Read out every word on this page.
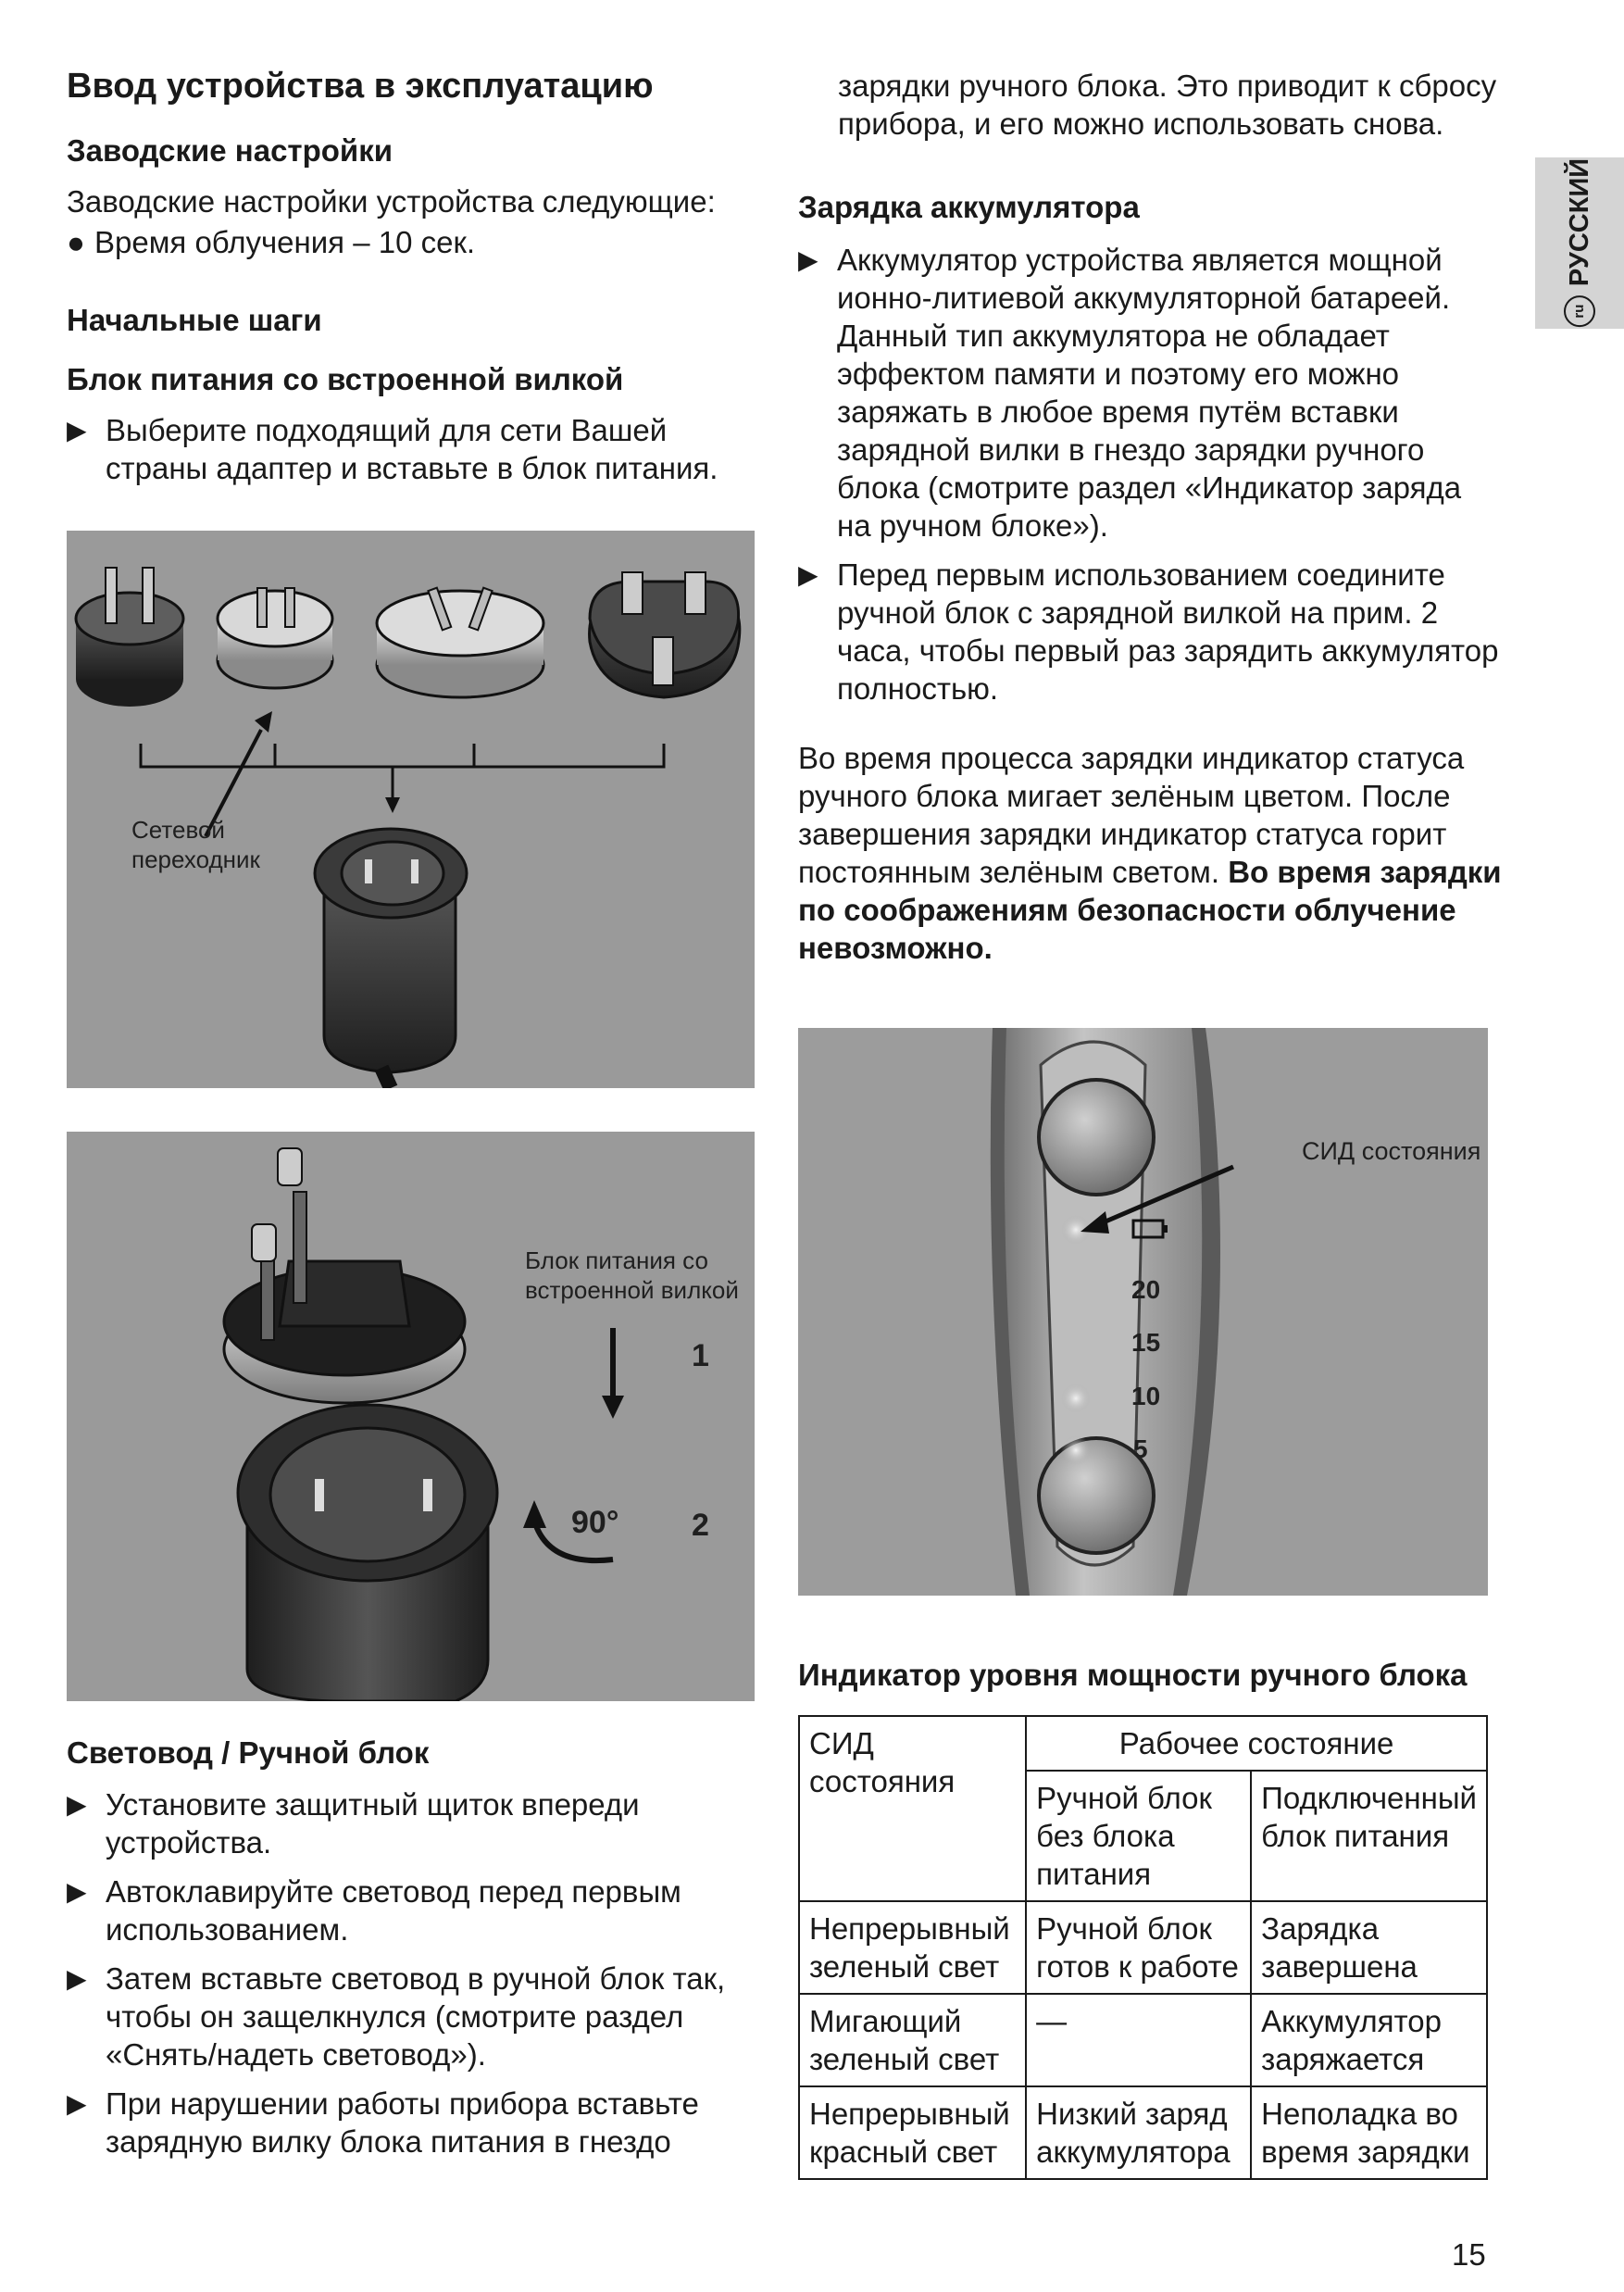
ru
РУССКИЙ
Ввод устройства в эксплуатацию
Заводские настройки

Заводские настройки устройства следующие:

● Время облучения – 10 сек.
Начальные шаги
Блок питания со встроенной вилкой
▶ Выберите подходящий для сети Вашей страны адаптер и вставьте в блок питания.
Сетевой
переходник
Блок питания со
встроенной вилкой
1
90° 2
Световод / Ручной блок
▶ Установите защитный щиток впереди устройства.
▶ Автоклавируйте световод перед первым использованием.
▶ Затем вставьте световод в ручной блок так, чтобы он защелкнулся (смотрите раздел «Снять/надеть световод»).
▶ При нарушении работы прибора вставьте зарядную вилку блока питания в гнездо

зарядки ручного блока. Это приводит к сбросу прибора, и его можно использовать снова.

Зарядка аккумулятора
▶ Аккумулятор устройства является мощной ионно-литиевой аккумуляторной батареей. Данный тип аккумулятора не обладает эффектом памяти и поэтому его можно заряжать в любое время путём вставки зарядной вилки в гнездо зарядки ручного блока (смотрите раздел «Индикатор заряда на ручном блоке»).
▶ Перед первым использованием соедините ручной блок с зарядной вилкой на прим. 2 часа, чтобы первый раз зарядить аккумулятор полностью.

Во время процесса зарядки индикатор статуса ручного блока мигает зелёным цветом. После завершения зарядки индикатор статуса горит постоянным зелёным светом. Во время зарядки по соображениям безопасности облучение невозможно.

СИД состояния
20
15
10
5
Индикатор уровня мощности ручного блока
СИД состояния	Рабочее состояние	
	Ручной блок без блока питания	Подключенный блок питания
Непрерывный зеленый свет	Ручной блок готов к работе	Зарядка завершена
Мигающий зеленый свет	—	Аккумулятор заряжается
Непрерывный красный свет	Низкий заряд аккумулятора	Неполадка во время зарядки
15
